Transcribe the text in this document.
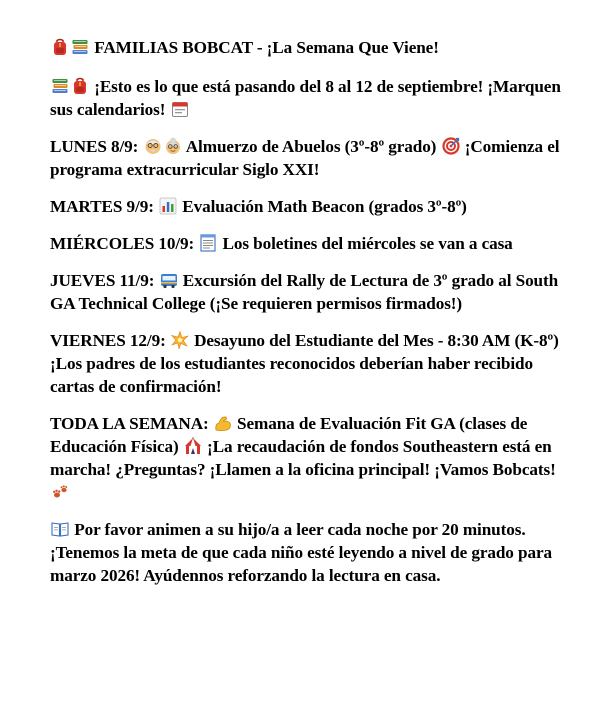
FAMILIAS BOBCAT - ¡La Semana Que Viene!

¡Esto es lo que está pasando del 8 al 12 de septiembre! ¡Marquen sus calendarios!

LUNES 8/9:
Almuerzo de Abuelos (3º-8º grado)
¡Comienza el programa extracurricular Siglo XXI!

MARTES 9/9:
Evaluación Math Beacon (grados 3º-8º)

MIÉRCOLES 10/9:
Los boletines del miércoles se van a casa

JUEVES 11/9:
Excursión del Rally de Lectura de 3º grado al South GA Technical College (¡Se requieren permisos firmados!)

VIERNES 12/9:
Desayuno del Estudiante del Mes - 8:30 AM (K-8º) ¡Los padres de los estudiantes reconocidos deberían haber recibido cartas de confirmación!

TODA LA SEMANA:
Semana de Evaluación Fit GA (clases de Educación Física)
¡La recaudación de fondos Southeastern está en marcha! ¿Preguntas? ¡Llamen a la oficina principal! ¡Vamos Bobcats!

Por favor animen a su hijo/a a leer cada noche por 20 minutos. ¡Tenemos la meta de que cada niño esté leyendo a nivel de grado para marzo 2026! Ayúdennos reforzando la lectura en casa.
